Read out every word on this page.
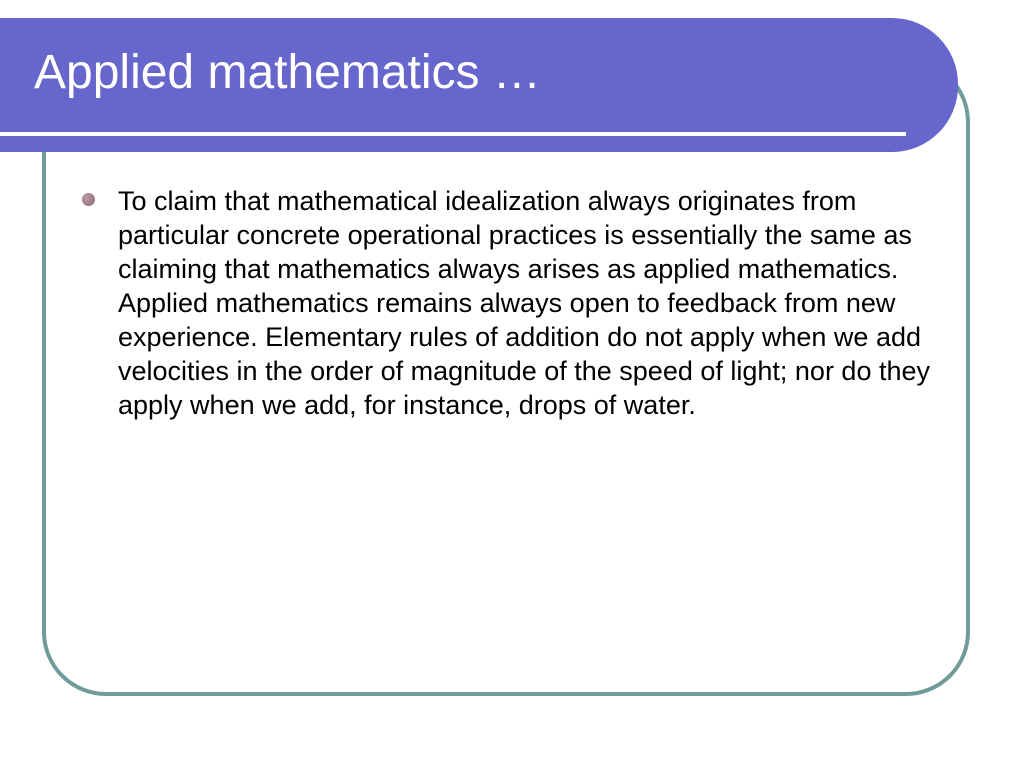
Applied mathematics …
To claim that mathematical idealization always originates from particular concrete operational practices is essentially the same as claiming that mathematics always arises as applied mathematics. Applied mathematics remains always open to feedback from new experience. Elementary rules of addition do not apply when we add velocities in the order of magnitude of the speed of light; nor do they apply when we add, for instance, drops of water.
